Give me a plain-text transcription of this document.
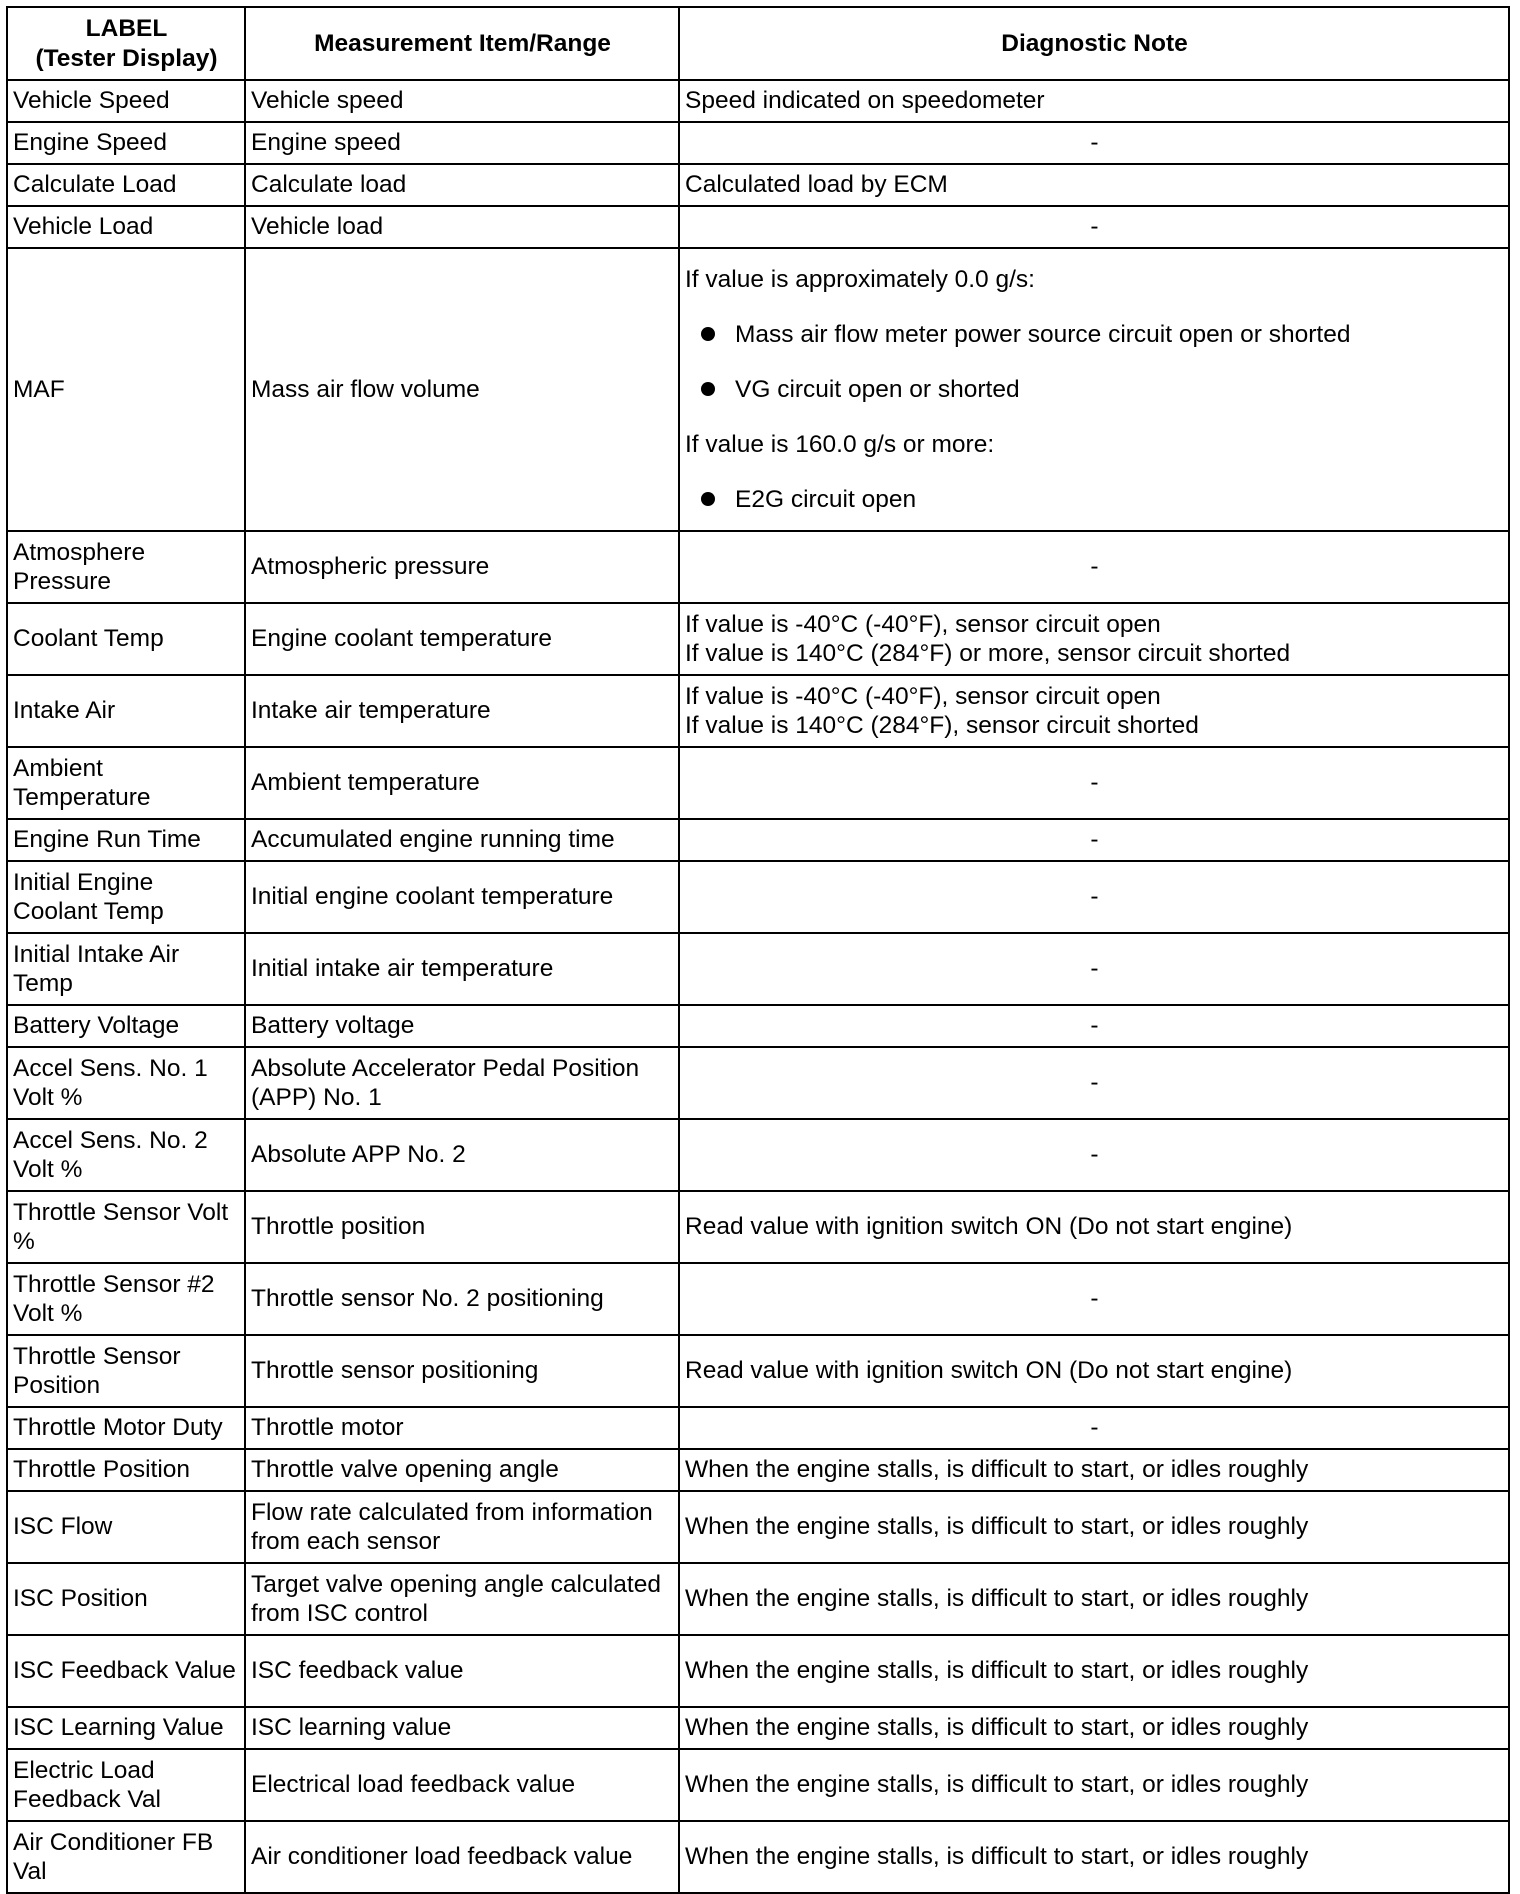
LABEL
(Tester Display)	Measurement Item/Range	Diagnostic Note
Vehicle Speed	Vehicle speed	Speed indicated on speedometer
Engine Speed	Engine speed	-
Calculate Load	Calculate load	Calculated load by ECM
Vehicle Load	Vehicle load	-
MAF	Mass air flow volume	If value is approximately 0.0 g/s:
Mass air flow meter power source circuit open or shorted
VG circuit open or shorted
If value is 160.0 g/s or more:
E2G circuit open

Atmosphere Pressure	Atmospheric pressure	-
Coolant Temp	Engine coolant temperature	If value is -40°C (-40°F), sensor circuit open
If value is 140°C (284°F) or more, sensor circuit shorted

Intake Air	Intake air temperature	If value is -40°C (-40°F), sensor circuit open
If value is 140°C (284°F), sensor circuit shorted

Ambient Temperature	Ambient temperature	-
Engine Run Time	Accumulated engine running time	-
Initial Engine Coolant Temp	Initial engine coolant temperature	-
Initial Intake Air Temp	Initial intake air temperature	-
Battery Voltage	Battery voltage	-
Accel Sens. No. 1 Volt %	Absolute Accelerator Pedal Position (APP) No. 1	-
Accel Sens. No. 2 Volt %	Absolute APP No. 2	-
Throttle Sensor Volt %	Throttle position	Read value with ignition switch ON (Do not start engine)
Throttle Sensor #2 Volt %	Throttle sensor No. 2 positioning	-
Throttle Sensor Position	Throttle sensor positioning	Read value with ignition switch ON (Do not start engine)
Throttle Motor Duty	Throttle motor	-
Throttle Position	Throttle valve opening angle	When the engine stalls, is difficult to start, or idles roughly
ISC Flow	Flow rate calculated from information from each sensor	When the engine stalls, is difficult to start, or idles roughly
ISC Position	Target valve opening angle calculated from ISC control	When the engine stalls, is difficult to start, or idles roughly
ISC Feedback Value	ISC feedback value	When the engine stalls, is difficult to start, or idles roughly
ISC Learning Value	ISC learning value	When the engine stalls, is difficult to start, or idles roughly
Electric Load Feedback Val	Electrical load feedback value	When the engine stalls, is difficult to start, or idles roughly
Air Conditioner FB Val	Air conditioner load feedback value	When the engine stalls, is difficult to start, or idles roughly
